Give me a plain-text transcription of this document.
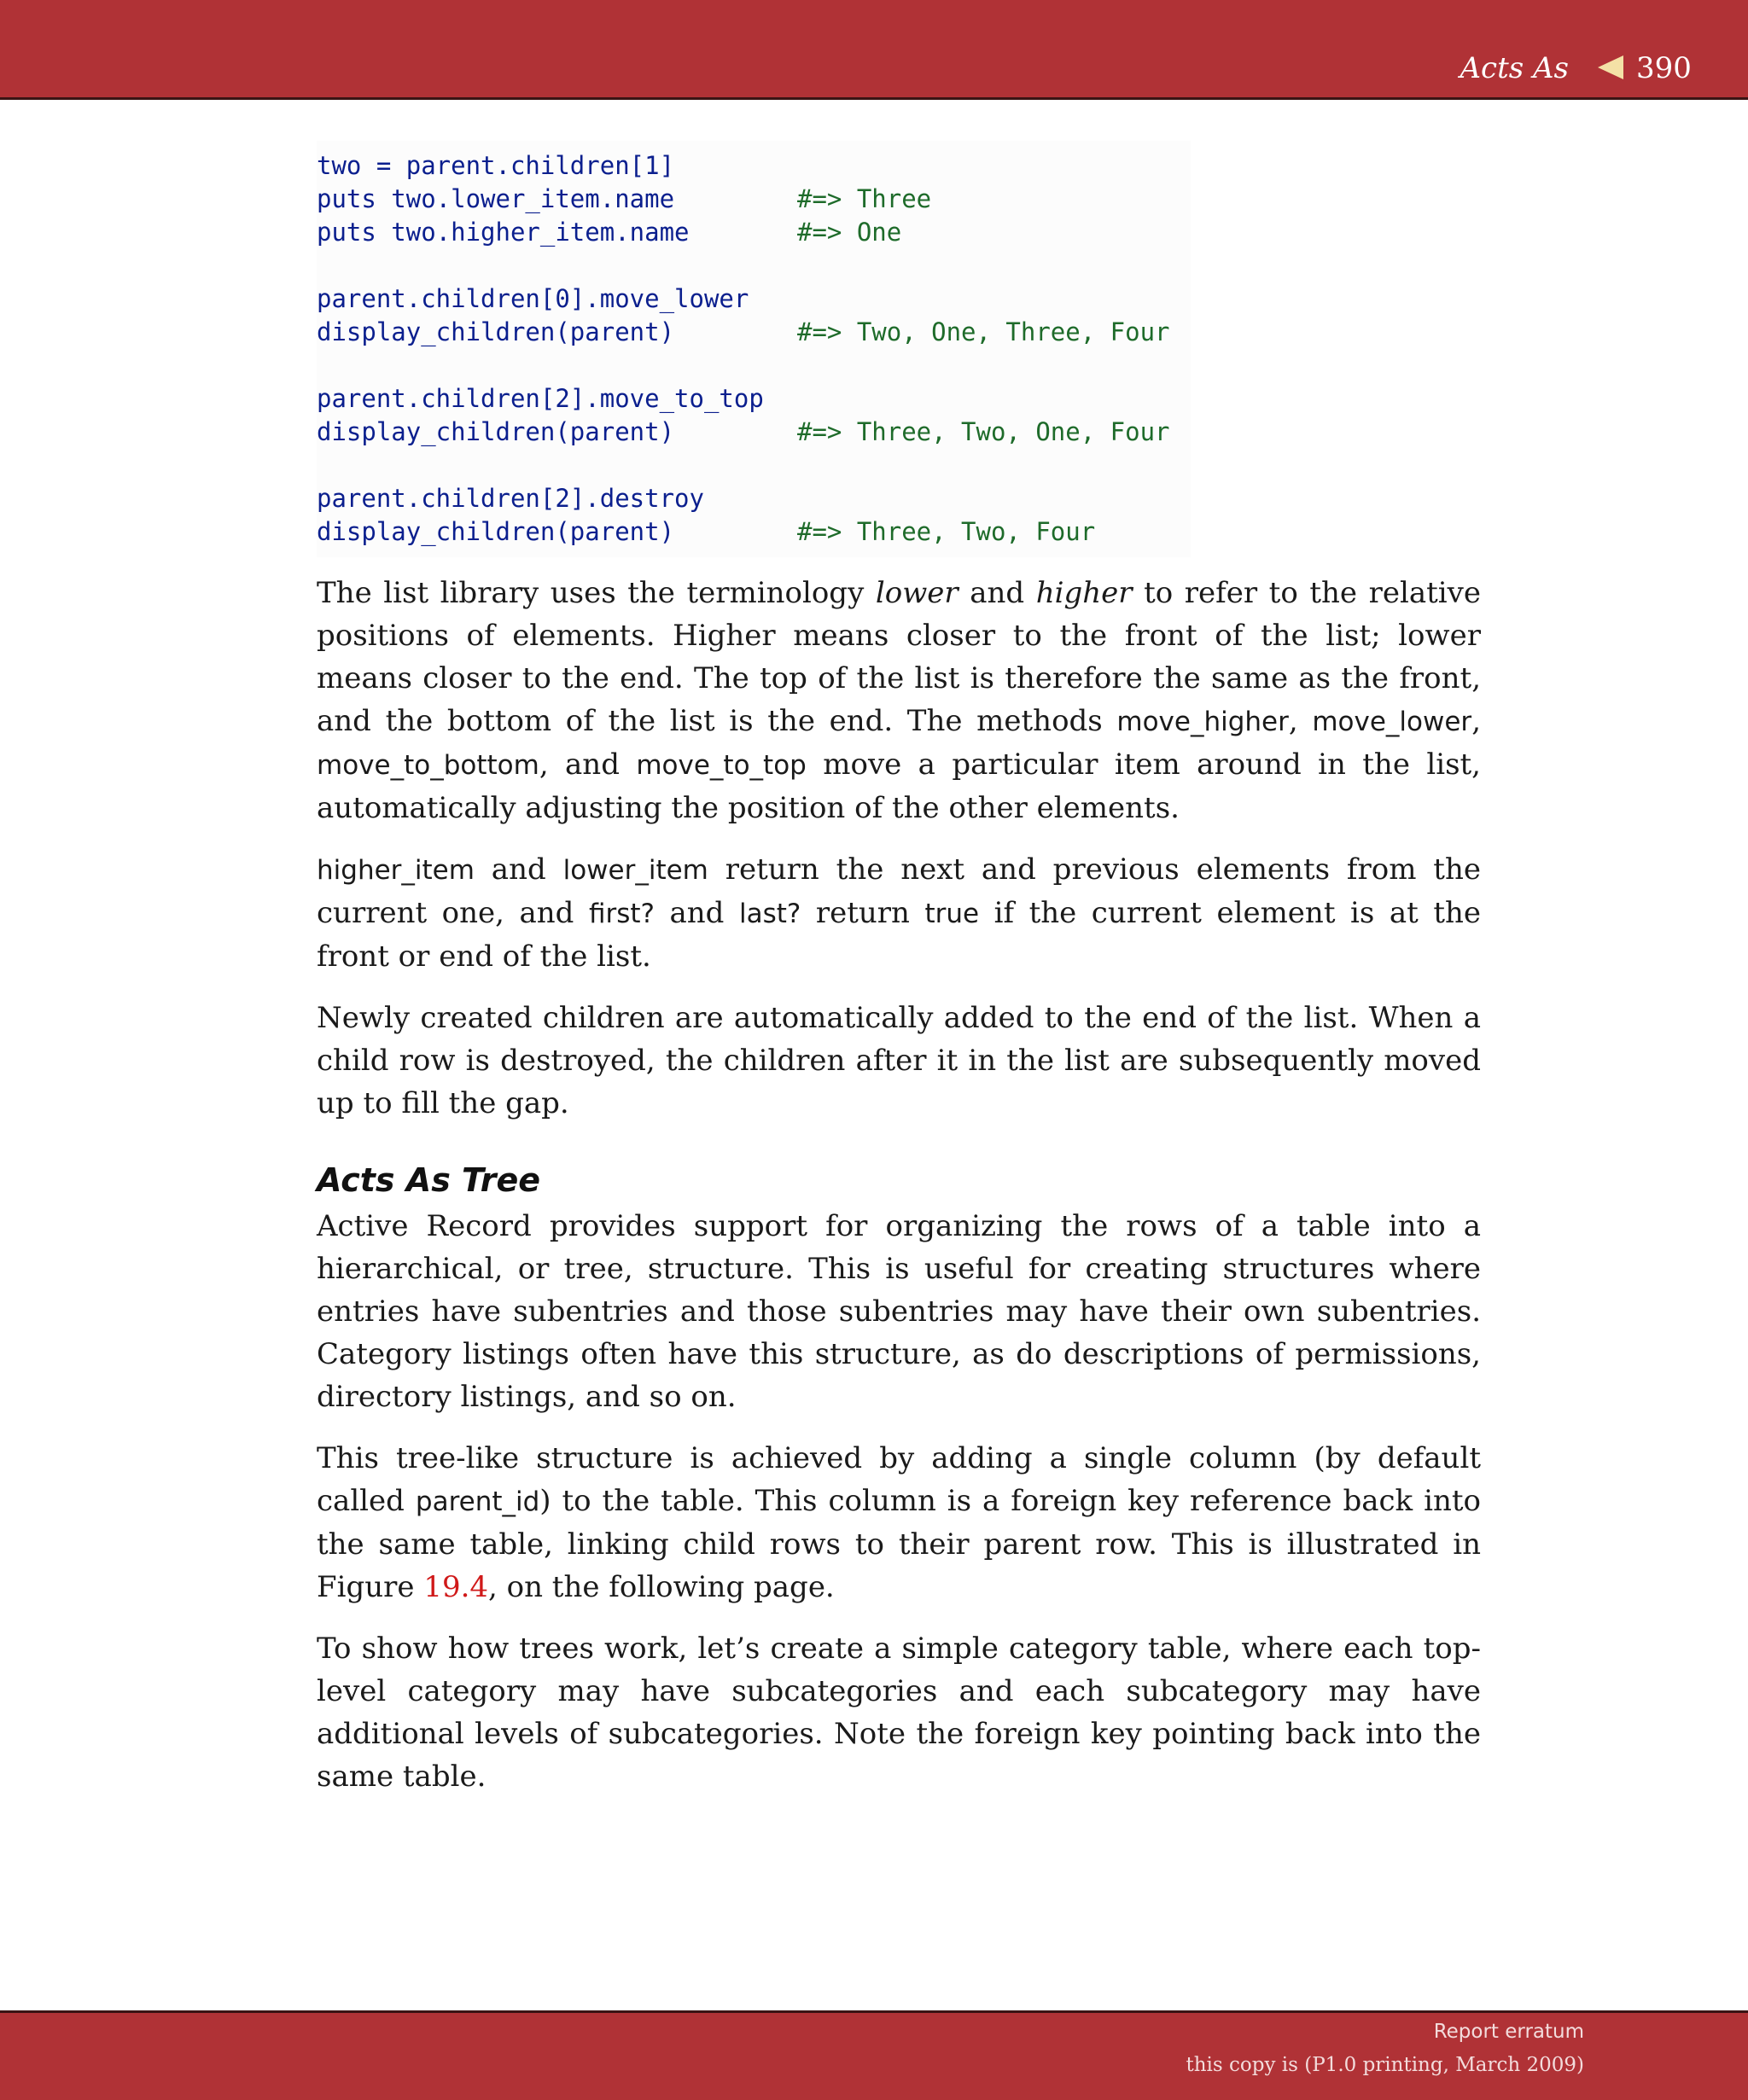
Acts As 390
two = parent.children[1]
puts two.lower_item.name	#=> Three
puts two.higher_item.name	#=> One
parent.children[0].move_lower
display_children(parent)	#=> Two, One, Three, Four
parent.children[2].move_to_top
display_children(parent)	#=> Three, Two, One, Four
parent.children[2].destroy
display_children(parent)	#=> Three, Two, Four

The list library uses the terminology lower and higher to refer to the relative positions of elements. Higher means closer to the front of the list; lower means closer to the end. The top of the list is therefore the same as the front, and the bottom of the list is the end. The methods move_higher, move_lower, move_to_bottom, and move_to_top move a particular item around in the list, automatically adjusting the position of the other elements.

higher_item and lower_item return the next and previous elements from the current one, and first? and last? return true if the current element is at the front or end of the list.

Newly created children are automatically added to the end of the list. When a child row is destroyed, the children after it in the list are subsequently moved up to fill the gap.

Acts As Tree

Active Record provides support for organizing the rows of a table into a hierarchical, or tree, structure. This is useful for creating structures where entries have subentries and those subentries may have their own subentries. Category listings often have this structure, as do descriptions of permissions, directory listings, and so on.

This tree-like structure is achieved by adding a single column (by default called parent_id) to the table. This column is a foreign key reference back into the same table, linking child rows to their parent row. This is illustrated in Figure 19.4, on the following page.

To show how trees work, let’s create a simple category table, where each top-level category may have subcategories and each subcategory may have additional levels of subcategories. Note the foreign key pointing back into the same table.

Report erratum
this copy is (P1.0 printing, March 2009)
